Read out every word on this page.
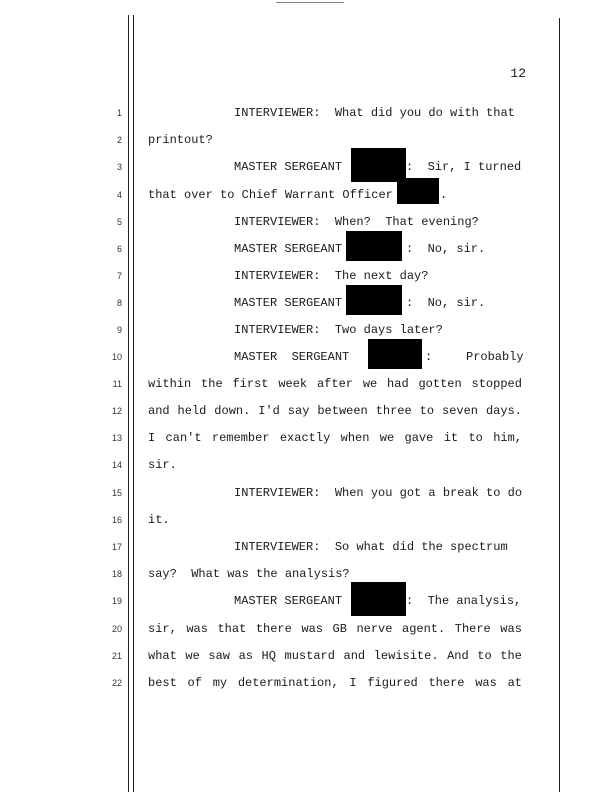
12
1
2
3
4
5
6
7
8
9
10
11
12
13
14
15
16
17
18
19
20
21
22
INTERVIEWER:  What did you do with that
printout?
MASTER SERGEANT	:  Sir, I turned
that over to Chief Warrant Officer	.
INTERVIEWER:  When?  That evening?
MASTER SERGEANT	:  No, sir.
INTERVIEWER:  The next day?
MASTER SERGEANT	:  No, sir.
INTERVIEWER:  Two days later?
MASTER  SERGEANT	:	Probably
within the first week after we had gotten stopped
and held down. I'd say between three to seven days.
I can't remember exactly when we gave it to him,
sir.
INTERVIEWER:  When you got a break to do
it.
INTERVIEWER:  So what did the spectrum
say?  What was the analysis?
MASTER SERGEANT	:  The analysis,
sir, was that there was GB nerve agent. There was
what we saw as HQ mustard and lewisite. And to the
best of my determination, I figured there was at
